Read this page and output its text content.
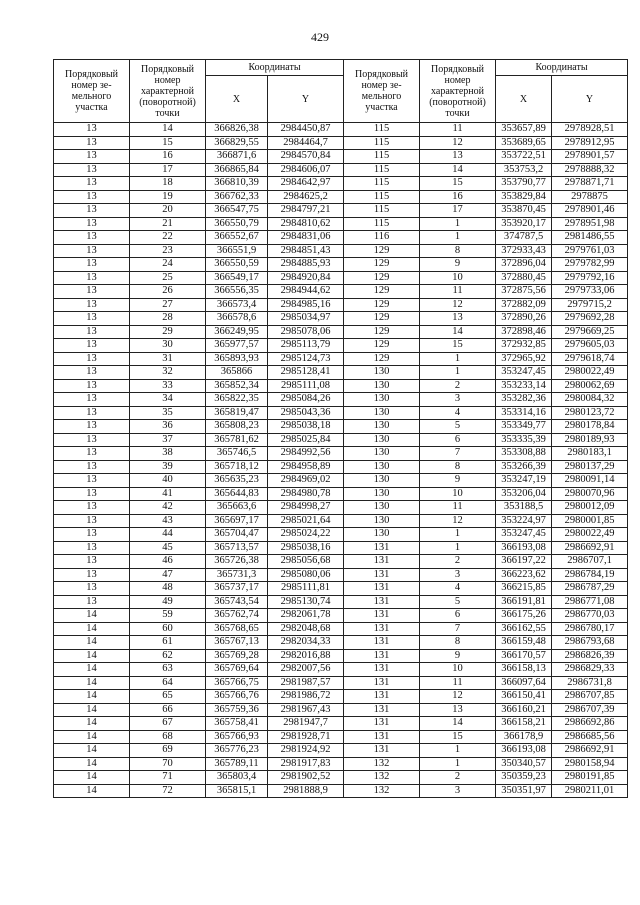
429
Порядковый номер зе-мельного участка	Порядковый номер характерной (поворотной) точки	Координаты		Порядковый номер зе-мельного участка	Порядковый номер характерной (поворотной) точки	Координаты	
		X	Y			X	Y
13	14	366826,38	2984450,87	115	11	353657,89	2978928,51
13	15	366829,55	2984464,7	115	12	353689,65	2978912,95
13	16	366871,6	2984570,84	115	13	353722,51	2978901,57
13	17	366865,84	2984606,07	115	14	353753,2	2978888,32
13	18	366810,39	2984642,97	115	15	353790,77	2978871,71
13	19	366762,33	2984625,2	115	16	353829,84	2978875
13	20	366547,75	2984797,21	115	17	353870,45	2978901,46
13	21	366550,79	2984810,62	115	1	353920,17	2978951,98
13	22	366552,67	2984831,06	116	1	374787,5	2981486,55
13	23	366551,9	2984851,43	129	8	372933,43	2979761,03
13	24	366550,59	2984885,93	129	9	372896,04	2979782,99
13	25	366549,17	2984920,84	129	10	372880,45	2979792,16
13	26	366556,35	2984944,62	129	11	372875,56	2979733,06
13	27	366573,4	2984985,16	129	12	372882,09	2979715,2
13	28	366578,6	2985034,97	129	13	372890,26	2979692,28
13	29	366249,95	2985078,06	129	14	372898,46	2979669,25
13	30	365977,57	2985113,79	129	15	372932,85	2979605,03
13	31	365893,93	2985124,73	129	1	372965,92	2979618,74
13	32	365866	2985128,41	130	1	353247,45	2980022,49
13	33	365852,34	2985111,08	130	2	353233,14	2980062,69
13	34	365822,35	2985084,26	130	3	353282,36	2980084,32
13	35	365819,47	2985043,36	130	4	353314,16	2980123,72
13	36	365808,23	2985038,18	130	5	353349,77	2980178,84
13	37	365781,62	2985025,84	130	6	353335,39	2980189,93
13	38	365746,5	2984992,56	130	7	353308,88	2980183,1
13	39	365718,12	2984958,89	130	8	353266,39	2980137,29
13	40	365635,23	2984969,02	130	9	353247,19	2980091,14
13	41	365644,83	2984980,78	130	10	353206,04	2980070,96
13	42	365663,6	2984998,27	130	11	353188,5	2980012,09
13	43	365697,17	2985021,64	130	12	353224,97	2980001,85
13	44	365704,47	2985024,22	130	1	353247,45	2980022,49
13	45	365713,57	2985038,16	131	1	366193,08	2986692,91
13	46	365726,38	2985056,68	131	2	366197,22	2986707,1
13	47	365731,3	2985080,06	131	3	366223,62	2986784,19
13	48	365737,17	2985111,81	131	4	366215,85	2986787,29
13	49	365743,54	2985130,74	131	5	366191,81	2986771,08
14	59	365762,74	2982061,78	131	6	366175,26	2986770,03
14	60	365768,65	2982048,68	131	7	366162,55	2986780,17
14	61	365767,13	2982034,33	131	8	366159,48	2986793,68
14	62	365769,28	2982016,88	131	9	366170,57	2986826,39
14	63	365769,64	2982007,56	131	10	366158,13	2986829,33
14	64	365766,75	2981987,57	131	11	366097,64	2986731,8
14	65	365766,76	2981986,72	131	12	366150,41	2986707,85
14	66	365759,36	2981967,43	131	13	366160,21	2986707,39
14	67	365758,41	2981947,7	131	14	366158,21	2986692,86
14	68	365766,93	2981928,71	131	15	366178,9	2986685,56
14	69	365776,23	2981924,92	131	1	366193,08	2986692,91
14	70	365789,11	2981917,83	132	1	350340,57	2980158,94
14	71	365803,4	2981902,52	132	2	350359,23	2980191,85
14	72	365815,1	2981888,9	132	3	350351,97	2980211,01
